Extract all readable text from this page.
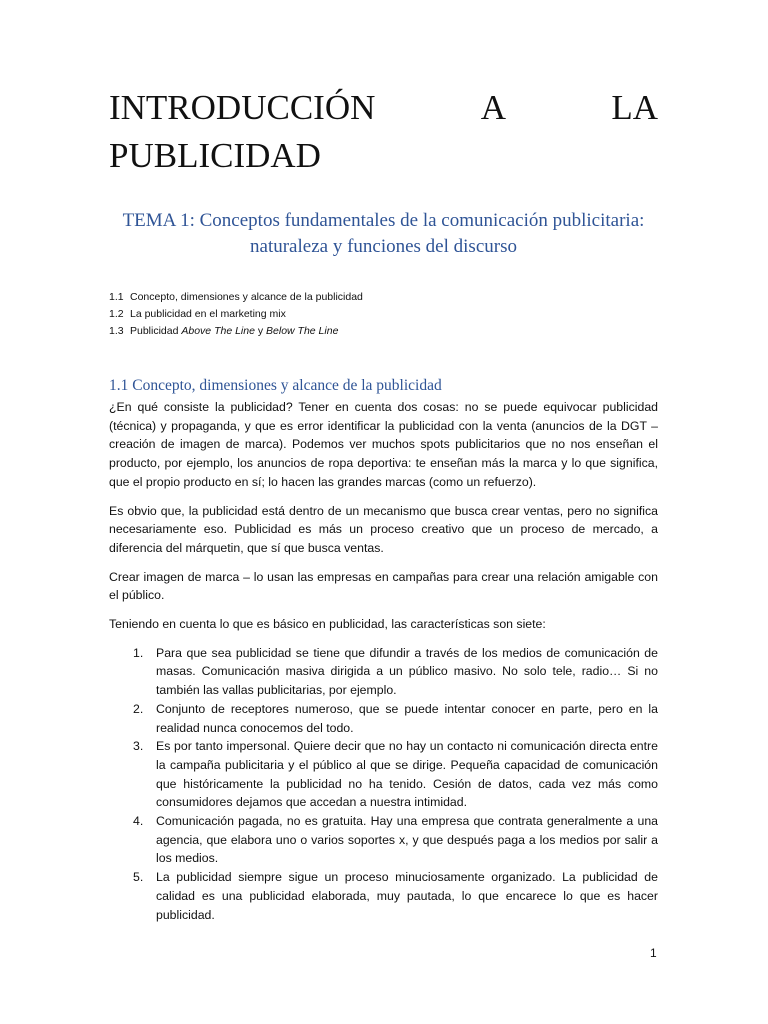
INTRODUCCIÓN	A	LA
PUBLICIDAD
TEMA 1: Conceptos fundamentales de la comunicación publicitaria: naturaleza y funciones del discurso
1.1 Concepto, dimensiones y alcance de la publicidad
1.2 La publicidad en el marketing mix
1.3 Publicidad Above The Line y Below The Line
1.1 Concepto, dimensiones y alcance de la publicidad

¿En qué consiste la publicidad? Tener en cuenta dos cosas: no se puede equivocar publicidad (técnica) y propaganda, y que es error identificar la publicidad con la venta (anuncios de la DGT – creación de imagen de marca). Podemos ver muchos spots publicitarios que no nos enseñan el producto, por ejemplo, los anuncios de ropa deportiva: te enseñan más la marca y lo que significa, que el propio producto en sí; lo hacen las grandes marcas (como un refuerzo).

Es obvio que, la publicidad está dentro de un mecanismo que busca crear ventas, pero no significa necesariamente eso. Publicidad es más un proceso creativo que un proceso de mercado, a diferencia del márquetin, que sí que busca ventas.

Crear imagen de marca – lo usan las empresas en campañas para crear una relación amigable con el público.

Teniendo en cuenta lo que es básico en publicidad, las características son siete:

1.	Para que sea publicidad se tiene que difundir a través de los medios de comunicación de masas. Comunicación masiva dirigida a un público masivo. No solo tele, radio… Si no también las vallas publicitarias, por ejemplo.
2.	Conjunto de receptores numeroso, que se puede intentar conocer en parte, pero en la realidad nunca conocemos del todo.
3.	Es por tanto impersonal. Quiere decir que no hay un contacto ni comunicación directa entre la campaña publicitaria y el público al que se dirige. Pequeña capacidad de comunicación que históricamente la publicidad no ha tenido. Cesión de datos, cada vez más como consumidores dejamos que accedan a nuestra intimidad.
4.	Comunicación pagada, no es gratuita. Hay una empresa que contrata generalmente a una agencia, que elabora uno o varios soportes x, y que después paga a los medios por salir a los medios.
5.	La publicidad siempre sigue un proceso minuciosamente organizado. La publicidad de calidad es una publicidad elaborada, muy pautada, lo que encarece lo que es hacer publicidad.
1
